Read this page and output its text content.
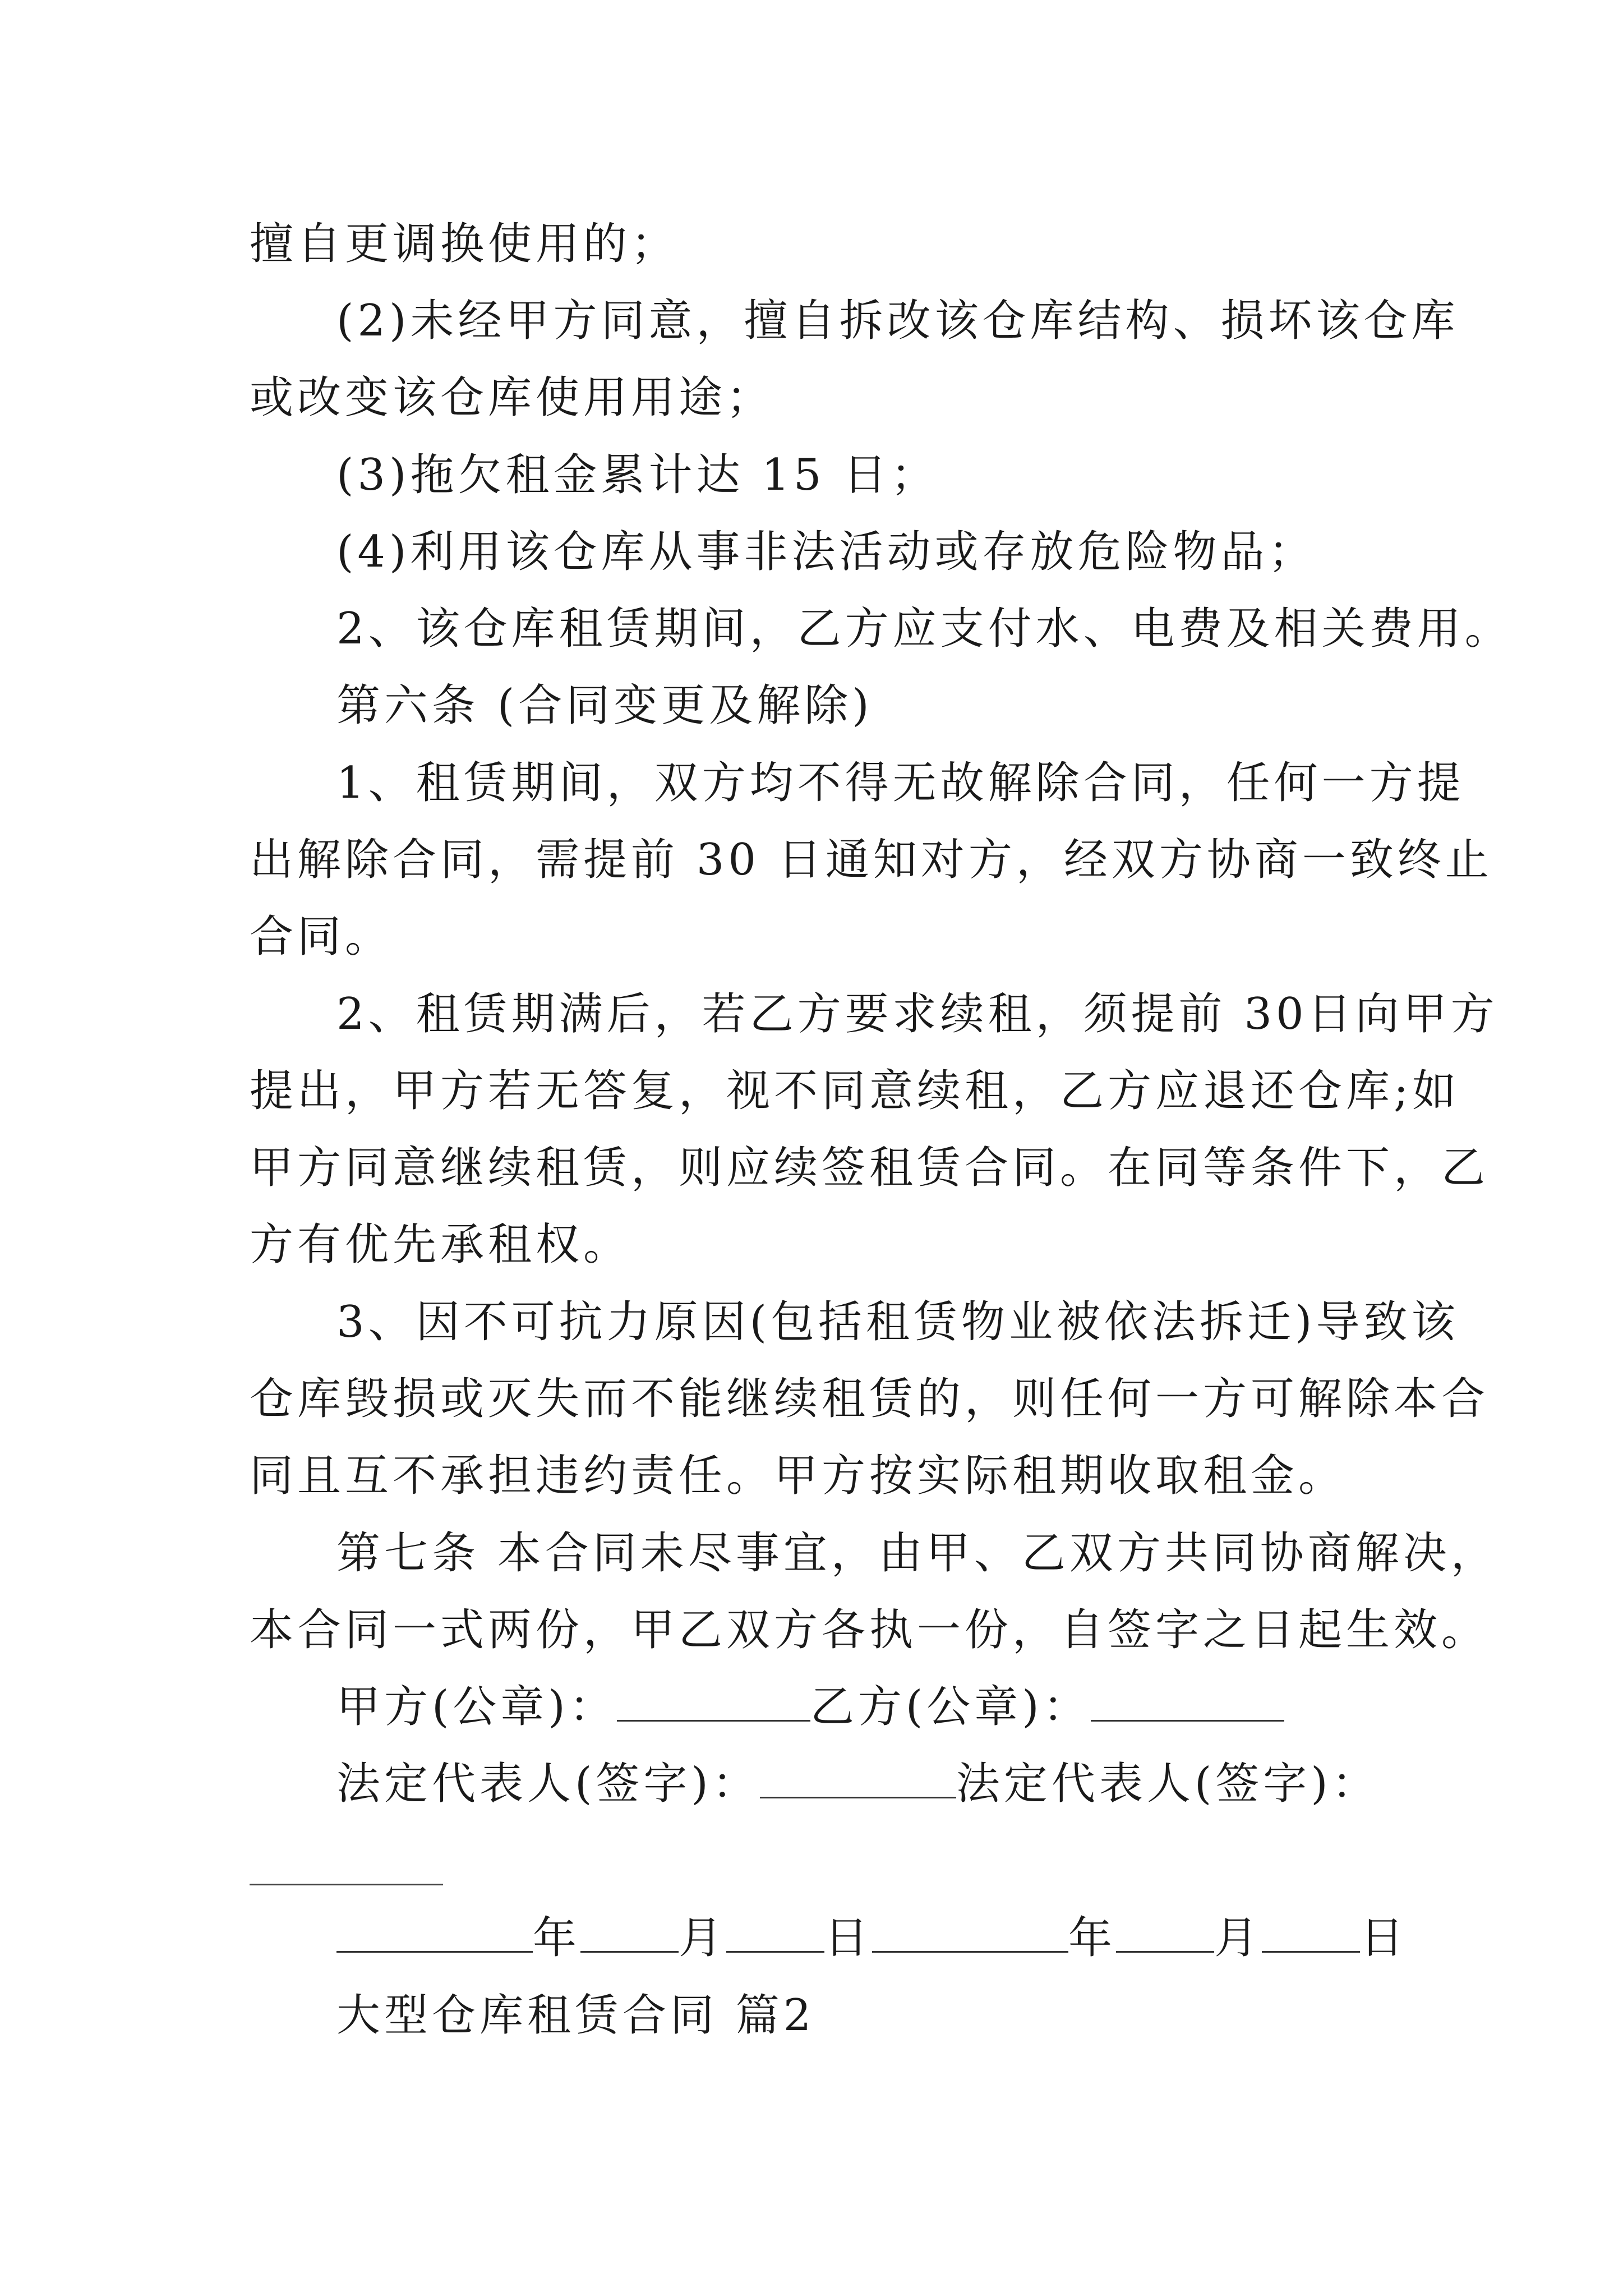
擅自更调换使用的；
(2)未经甲方同意，擅自拆改该仓库结构、损坏该仓库
或改变该仓库使用用途；
(3)拖欠租金累计达 15 日；
(4)利用该仓库从事非法活动或存放危险物品；
2、该仓库租赁期间，乙方应支付水、电费及相关费用。
第六条 (合同变更及解除)
1、租赁期间，双方均不得无故解除合同，任何一方提
出解除合同，需提前 30 日通知对方，经双方协商一致终止
合同。
2、租赁期满后，若乙方要求续租，须提前 30日向甲方
提出，甲方若无答复，视不同意续租，乙方应退还仓库;如
甲方同意继续租赁，则应续签租赁合同。在同等条件下，乙
方有优先承租权。
3、因不可抗力原因(包括租赁物业被依法拆迁)导致该
仓库毁损或灭失而不能继续租赁的，则任何一方可解除本合
同且互不承担违约责任。甲方按实际租期收取租金。
第七条 本合同未尽事宜，由甲、乙双方共同协商解决，
本合同一式两份，甲乙双方各执一份，自签字之日起生效。
甲方(公章)：	乙方(公章)：
法定代表人(签字)：	法定代表人(签字)：
年 月 日	年 月 日
大型仓库租赁合同 篇2
